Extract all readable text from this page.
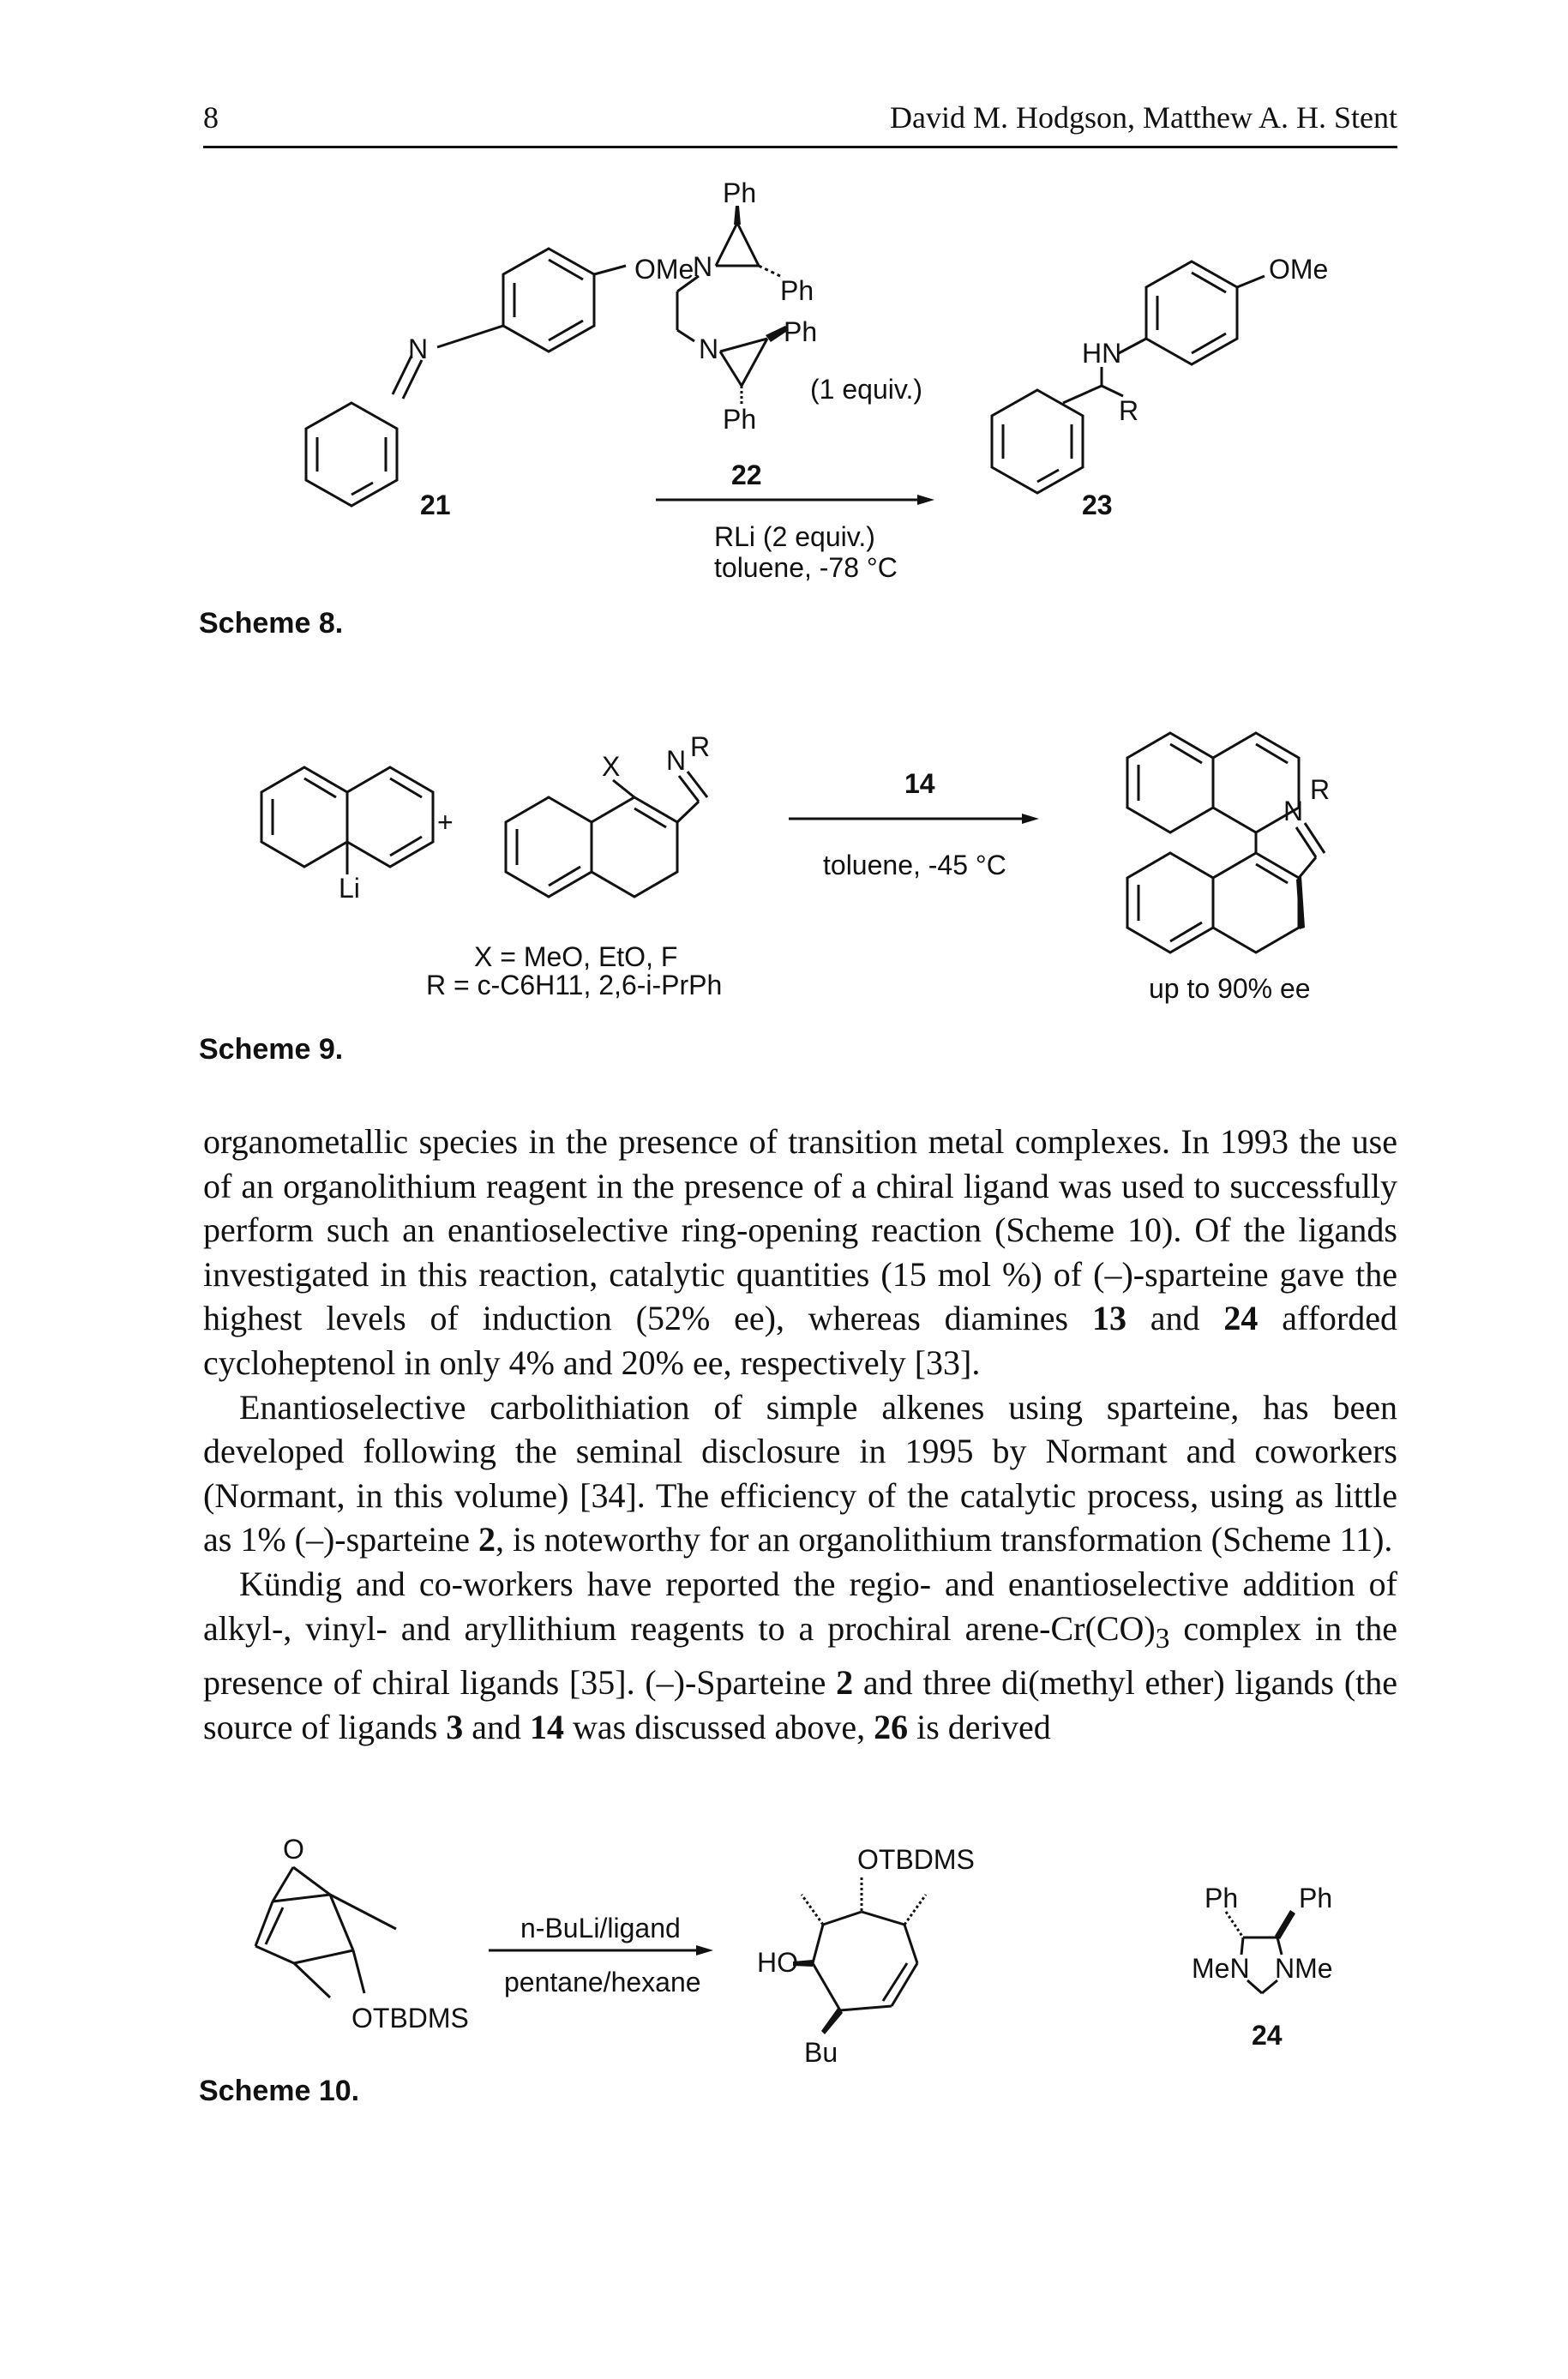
8	David M. Hodgson, Matthew A. H. Stent
OMe
N
21
Ph
N
Ph
Ph
N
Ph
(1 equiv.)
22
RLi (2 equiv.)
toluene, -78 °C
OMe
HN
R
23
Scheme 8.
Li
+
X N R
X = MeO, EtO, F
R = c-C6H11, 2,6-i-PrPh
14
toluene, -45 °C
N
R
up to 90% ee
Scheme 9.

organometallic species in the presence of transition metal complexes. In 1993 the use of an organolithium reagent in the presence of a chiral ligand was used to successfully perform such an enantioselective ring-opening reaction (Scheme 10). Of the ligands investigated in this reaction, catalytic quantities (15 mol %) of (–)-sparteine gave the highest levels of induction (52% ee), whereas diamines 13 and 24 afforded cycloheptenol in only 4% and 20% ee, respectively [33].

Enantioselective carbolithiation of simple alkenes using sparteine, has been developed following the seminal disclosure in 1995 by Normant and coworkers (Normant, in this volume) [34]. The efficiency of the catalytic process, using as little as 1% (–)-sparteine 2, is noteworthy for an organolithium transformation (Scheme 11).

Kündig and co-workers have reported the regio- and enantioselective addition of alkyl-, vinyl- and aryllithium reagents to a prochiral arene-$Cr(CO)_3$ complex in the presence of chiral ligands [35]. (–)-Sparteine 2 and three di(methyl ether) ligands (the source of ligands 3 and 14 was discussed above, 26 is derived

O
OTBDMS
n-BuLi/ligand
pentane/hexane
OTBDMS
HO
Bu
Ph Ph
MeN NMe
24
Scheme 10.
